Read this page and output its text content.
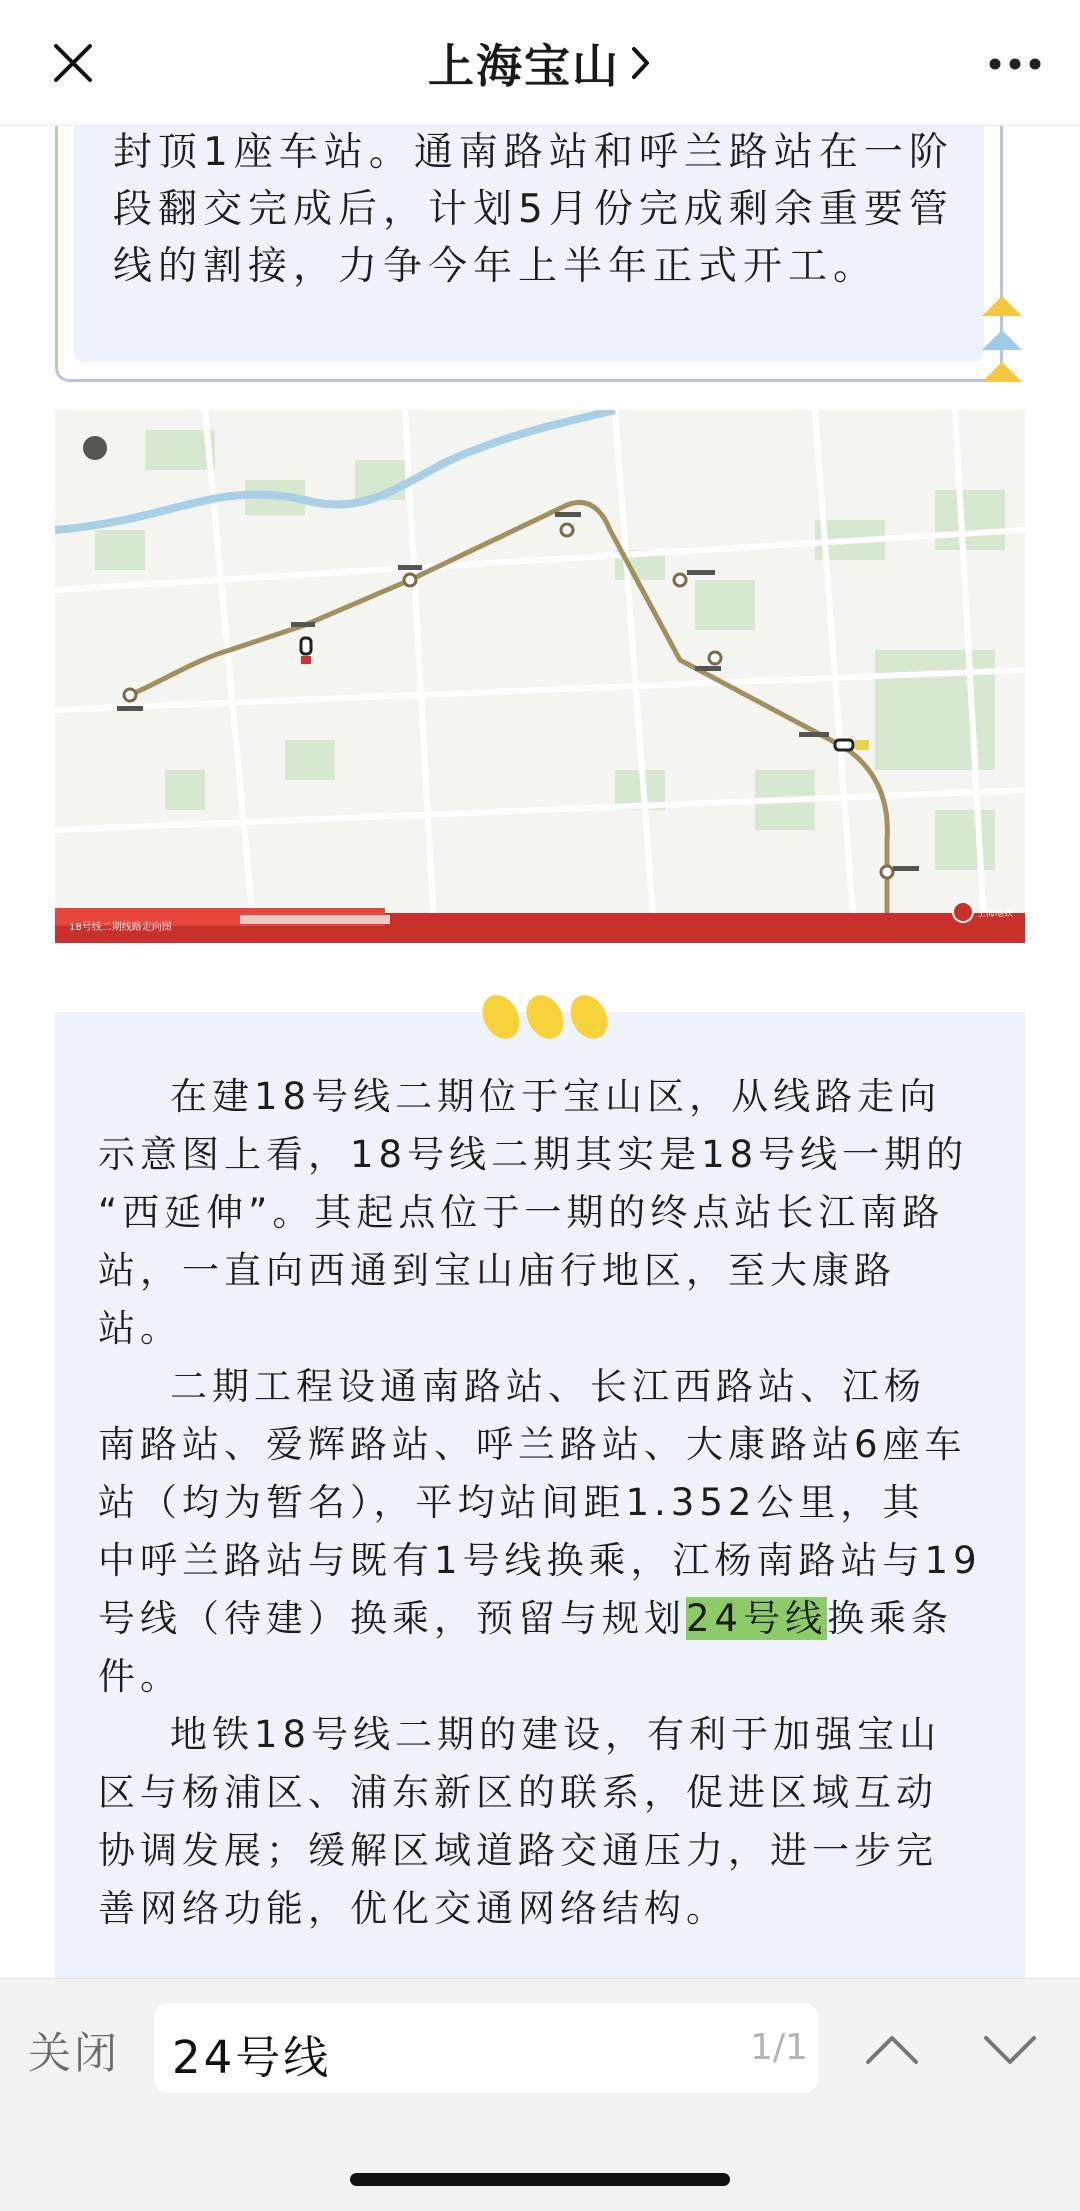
上海宝山

封顶1座车站。通南路站和呼兰路站在一阶

段翻交完成后，计划5月份完成剩余重要管

线的割接，力争今年上半年正式开工。

18号线二期线路走向图
上海地铁

在建18号线二期位于宝山区，从线路走向

示意图上看，18号线二期其实是18号线一期的

“西延伸”。其起点位于一期的终点站长江南路

站，一直向西通到宝山庙行地区，至大康路

站。

二期工程设通南路站、长江西路站、江杨

南路站、爱辉路站、呼兰路站、大康路站6座车

站（均为暂名），平均站间距1.352公里，其

中呼兰路站与既有1号线换乘，江杨南路站与19

号线（待建）换乘，预留与规划24号线换乘条

件。

地铁18号线二期的建设，有利于加强宝山

区与杨浦区、浦东新区的联系，促进区域互动

协调发展；缓解区域道路交通压力，进一步完

善网络功能，优化交通网络结构。

关闭 24号线	1/1
